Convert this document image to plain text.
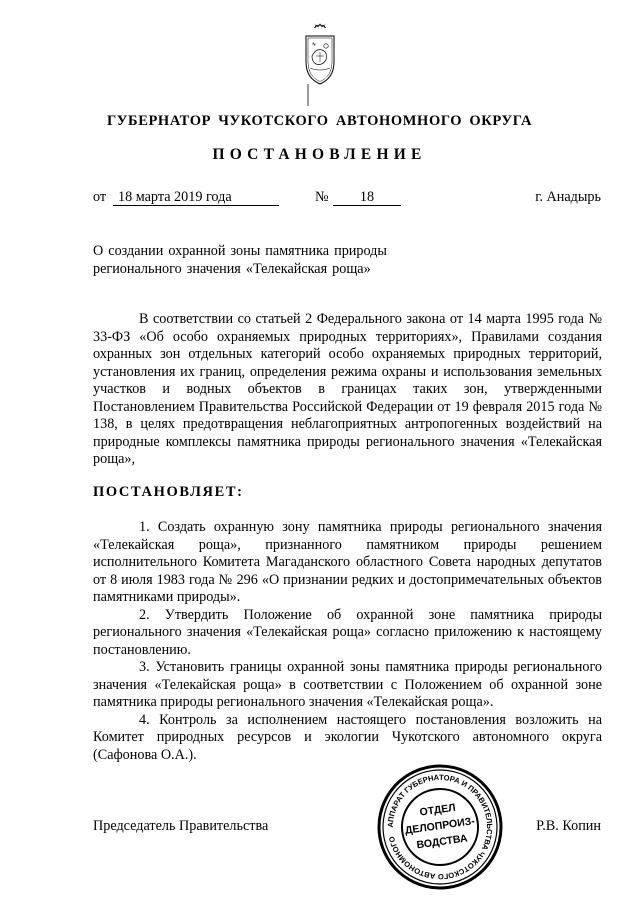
ГУБЕРНАТОР ЧУКОТСКОГО АВТОНОМНОГО ОКРУГА
ПОСТАНОВЛЕНИЕ
от 18 марта 2019 года	№	18	г. Анадырь
О создании охранной зоны памятника природы
регионального значения «Телекайская роща»

В соответствии со статьей 2 Федерального закона от 14 марта 1995 года № 33-ФЗ «Об особо охраняемых природных территориях», Правилами создания охранных зон отдельных категорий особо охраняемых природных территорий, установления их границ, определения режима охраны и использования земельных участков и водных объектов в границах таких зон, утвержденными Постановлением Правительства Российской Федерации от 19 февраля 2015 года № 138, в целях предотвращения неблагоприятных антропогенных воздействий на природные комплексы памятника природы регионального значения «Телекайская роща»,

ПОСТАНОВЛЯЕТ:

1. Создать охранную зону памятника природы регионального значения «Телекайская роща», признанного памятником природы решением исполнительного Комитета Магаданского областного Совета народных депутатов от 8 июля 1983 года № 296 «О признании редких и достопримечательных объектов памятниками природы».

2. Утвердить Положение об охранной зоне памятника природы регионального значения «Телекайская роща» согласно приложению к настоящему постановлению.

3. Установить границы охранной зоны памятника природы регионального значения «Телекайская роща» в соответствии с Положением об охранной зоне памятника природы регионального значения «Телекайская роща».

4. Контроль за исполнением настоящего постановления возложить на Комитет природных ресурсов и экологии Чукотского автономного округа (Сафонова О.А.).

Председатель Правительства	Р.В. Копин
АППАРАТ ГУБЕРНАТОРА И ПРАВИТЕЛЬСТВА ЧУКОТСКОГО АВТОНОМНОГО
ОТДЕЛ
ДЕЛОПРОИЗ-
ВОДСТВА
